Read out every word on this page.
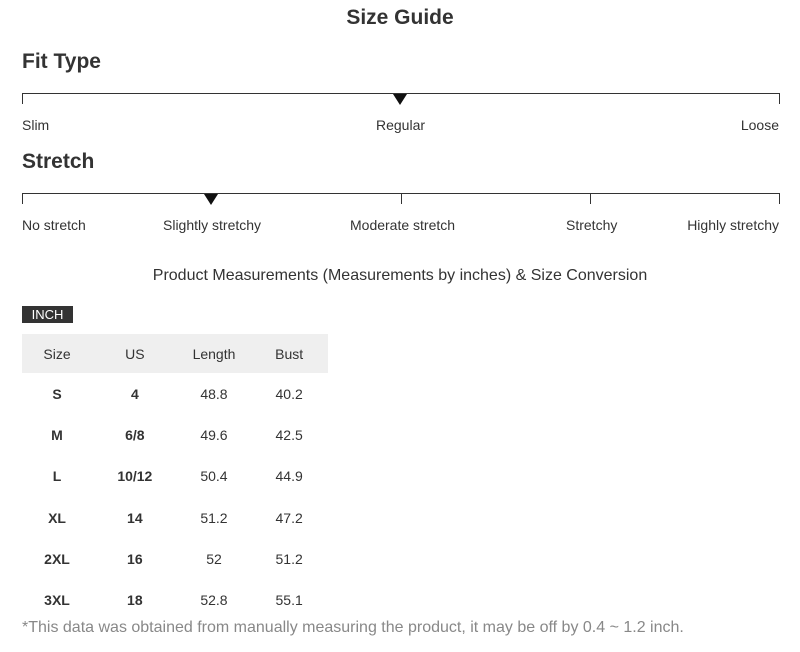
Size Guide
Fit Type
Slim	Regular	Loose
Stretch
No stretch	Slightly stretchy	Moderate stretch	Stretchy	Highly stretchy
Product Measurements (Measurements by inches) & Size Conversion
INCH
Size	US	Length	Bust
S	4	48.8	40.2
M	6/8	49.6	42.5
L	10/12	50.4	44.9
XL	14	51.2	47.2
2XL	16	52	51.2
3XL	18	52.8	55.1
*This data was obtained from manually measuring the product, it may be off by 0.4 ~ 1.2 inch.
